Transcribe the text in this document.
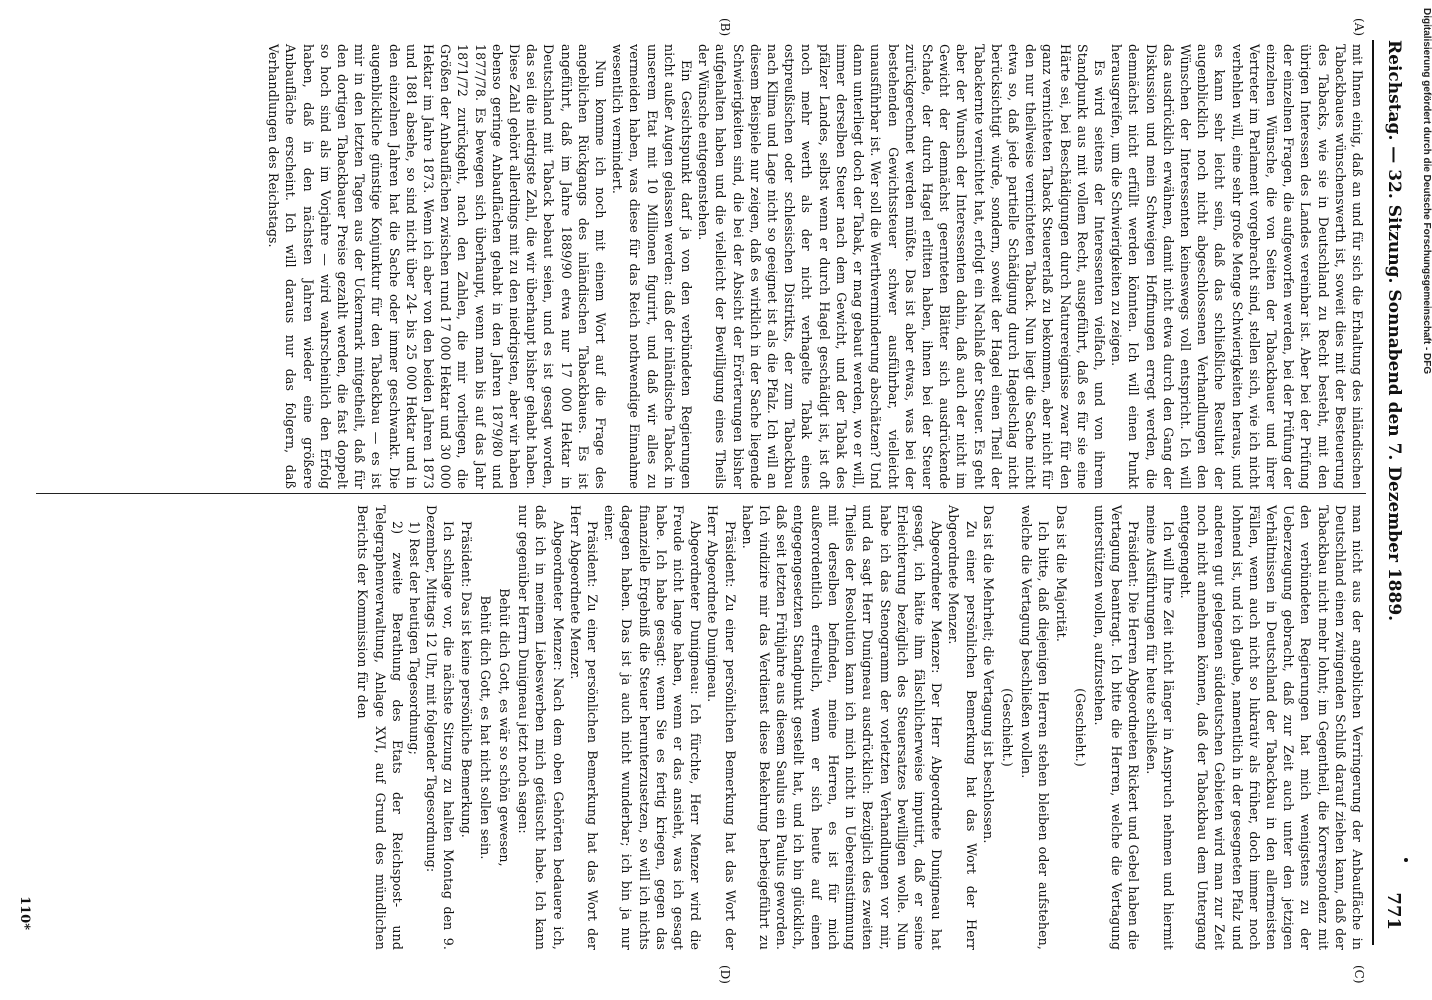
Reichstag. — 32. Sitzung. Sonnabend den 7. Dezember 1889.
771
(A)
(B)
(C)
(D)

mit Ihnen einig, daß an und für sich die Erhaltung des inländischen Tabackbaues wünschenswerth ist, soweit dies mit der Besteuerung des Tabacks, wie sie in Deutschland zu Recht besteht, mit den übrigen Interessen des Landes vereinbar ist. Aber bei der Prüfung der einzelnen Fragen, die aufgeworfen werden, bei der Prüfung der einzelnen Wünsche, die von Seiten der Tabackbauer und ihrer Vertreter im Parlament vorgebracht sind, stellen sich, wie ich nicht verhehlen will, eine sehr große Menge Schwierigkeiten heraus, und es kann sehr leicht sein, daß das schließliche Resultat der augenblicklich noch nicht abgeschlossenen Verhandlungen den Wünschen der Interessenten keineswegs voll entspricht. Ich will das ausdrücklich erwähnen, damit nicht etwa durch den Gang der Diskussion und mein Schweigen Hoffnungen erregt werden, die demnächst nicht erfüllt werden könnten. Ich will einen Punkt herausgreifen, um die Schwierigkeiten zu zeigen.

Es wird seitens der Interessenten vielfach, und von ihrem Standpunkt aus mit vollem Recht, ausgeführt, daß es für sie eine Härte sei, bei Beschädigungen durch Naturereignisse zwar für den ganz vernichteten Taback Steuererlaß zu bekommen, aber nicht für den nur theilweise vernichteten Taback. Nun liegt die Sache nicht etwa so, daß jede partielle Schädigung durch Hagelschlag nicht berücksichtigt würde, sondern, soweit der Hagel einen Theil der Tabackernte vernichtet hat, erfolgt ein Nachlaß der Steuer. Es geht aber der Wunsch der Interessenten dahin, daß auch der nicht im Gewicht der demnächst geernteten Blätter sich ausdrückende Schade, der durch Hagel erlitten haben, ihnen bei der Steuer zurückgerechnet werden müßte. Das ist aber etwas, was bei der bestehenden Gewichtssteuer schwer ausführbar, vielleicht unausführbar ist. Wer soll die Werthverminderung abschätzen? Und dann unterliegt doch der Tabak, er mag gebaut werden, wo er will, immer derselben Steuer nach dem Gewicht, und der Tabak des pfälzer Landes, selbst wenn er durch Hagel geschädigt ist, ist oft noch mehr werth als der nicht verhagelte Tabak eines ostpreußischen oder schlesischen Distrikts, der zum Tabackbau nach Klima und Lage nicht so geeignet ist als die Pfalz. Ich will an diesem Beispiele nur zeigen, daß es wirklich in der Sache liegende Schwierigkeiten sind, die bei der Absicht der Erörterungen bisher aufgehalten haben und die vielleicht der Bewilligung eines Theils der Wünsche entgegenstehen.

Ein Gesichtspunkt darf ja von den verbündeten Regierungen nicht außer Augen gelassen werden: daß der inländische Taback in unserem Etat mit 10 Millionen figurirt, und daß wir alles zu vermeiden haben, was diese für das Reich nothwendige Einnahme wesentlich vermindert.

Nun komme ich noch mit einem Wort auf die Frage des angeblichen Rückgangs des inländischen Tabackbaues. Es ist angeführt, daß im Jahre 1889/90 etwa nur 17 000 Hektar in Deutschland mit Taback bebaut seien, und es ist gesagt worden, das sei die niedrigste Zahl, die wir überhaupt bisher gehabt haben. Diese Zahl gehört allerdings mit zu den niedrigsten, aber wir haben ebenso geringe Anbauflächen gehabt in den Jahren 1879/80 und 1877/78. Es bewegen sich überhaupt, wenn man bis auf das Jahr 1871/72 zurückgeht, nach den Zahlen, die mir vorliegen, die Größen der Anbauflächen zwischen rund 17 000 Hektar und 30 000 Hektar im Jahre 1873. Wenn ich aber von den beiden Jahren 1873 und 1881 absehe, so sind nicht über 24- bis 25 000 Hektar und in den einzelnen Jahren hat die Sache oder immer geschwankt. Die augenblickliche günstige Konjunktur für den Tabackbau — es ist mir in den letzten Tagen aus der Uckermark mitgetheilt, daß für den dortigen Tabackbauer Preise gezahlt werden, die fast doppelt so hoch sind als im Vorjahre — wird wahrscheinlich den Erfolg haben, daß in den nächsten Jahren wieder eine größere Anbaufläche erscheint. Ich will daraus nur das folgern, daß Verhandlungen des Reichstags.

man nicht aus der angeblichen Verringerung der Anbaufläche in Deutschland einen zwingenden Schluß darauf ziehen kann, daß der Tabackbau nicht mehr lohnt; im Gegentheil, die Korrespondenz mit den verbündeten Regierungen hat mich wenigstens zu der Ueberzeugung gebracht, daß zur Zeit auch unter den jetzigen Verhältnissen in Deutschland der Tabackbau in den allermeisten Fällen, wenn auch nicht so lukrativ als früher, doch immer noch lohnend ist, und ich glaube, namentlich in der gesegneten Pfalz und anderen gut gelegenen süddeutschen Gebieten wird man zur Zeit noch nicht annehmen können, daß der Tabackbau dem Untergang entgegengeht.

Ich will Ihre Zeit nicht länger in Anspruch nehmen und hiermit meine Ausführungen für heute schließen.

Präsident: Die Herren Abgeordneten Rickert und Gebel haben die Vertagung beantragt. Ich bitte die Herren, welche die Vertagung unterstützen wollen, aufzustehen.

(Geschieht.)

Das ist die Majorität.

Ich bitte, daß diejenigen Herren stehen bleiben oder aufstehen, welche die Vertagung beschließen wollen.

(Geschieht.)

Das ist die Mehrheit; die Vertagung ist beschlossen.

Zu einer persönlichen Bemerkung hat das Wort der Herr Abgeordnete Menzer.

Abgeordneter Menzer: Der Herr Abgeordnete Dunigneau hat gesagt, ich hätte ihm fälschlicherweise imputirt, daß er seine Erleichterung bezüglich des Steuersatzes bewilligen wolle. Nun habe ich das Stenogramm der vorletzten Verhandlungen vor mir, und da sagt Herr Dunigneau ausdrücklich: Bezüglich des zweiten Theiles der Resolution kann ich mich nicht in Uebereinstimmung mit derselben befinden, meine Herren, es ist für mich außerordentlich erfreulich, wenn er sich heute auf einen entgegengesetzten Standpunkt gestellt hat, und ich bin glücklich, daß seit letzten Frühjahre aus diesem Saulus ein Paulus geworden. Ich vindizire mir das Verdienst diese Bekehrung herbeigeführt zu haben.

Präsident: Zu einer persönlichen Bemerkung hat das Wort der Herr Abgeordnete Dunigneau.

Abgeordneter Dunigneau: Ich fürchte, Herr Menzer wird die Freude nicht lange haben, wenn er das ansieht, was ich gesagt habe. Ich habe gesagt: wenn Sie es fertig kriegen, gegen das finanzielle Ergebniß die Steuer herunterzusetzen, so will ich nichts dagegen haben. Das ist ja auch nicht wunderbar; ich bin ja nur einer.

Präsident: Zu einer persönlichen Bemerkung hat das Wort der Herr Abgeordnete Menzer.

Abgeordneter Menzer: Nach dem oben Gehörten bedauere ich, daß ich in meinem Liebeswerben mich getäuscht habe. Ich kann nur gegenüber Herrn Dunigneau jetzt noch sagen:

Behüt dich Gott, es wär so schön gewesen,

Behüt dich Gott, es hat nicht sollen sein.

Präsident: Das ist keine persönliche Bemerkung.

Ich schlage vor, die nächste Sitzung zu halten Montag den 9. Dezember, Mittags 12 Uhr, mit folgender Tagesordnung:

1) Rest der heutigen Tagesordnung;

2) zweite Berathung des Etats der Reichspost- und Telegraphenverwaltung, Anlage XVI, auf Grund des mündlichen Berichts der Kommission für den

110*
Digitalisierung gefördert durch die Deutsche Forschungsgemeinschaft - DFG
